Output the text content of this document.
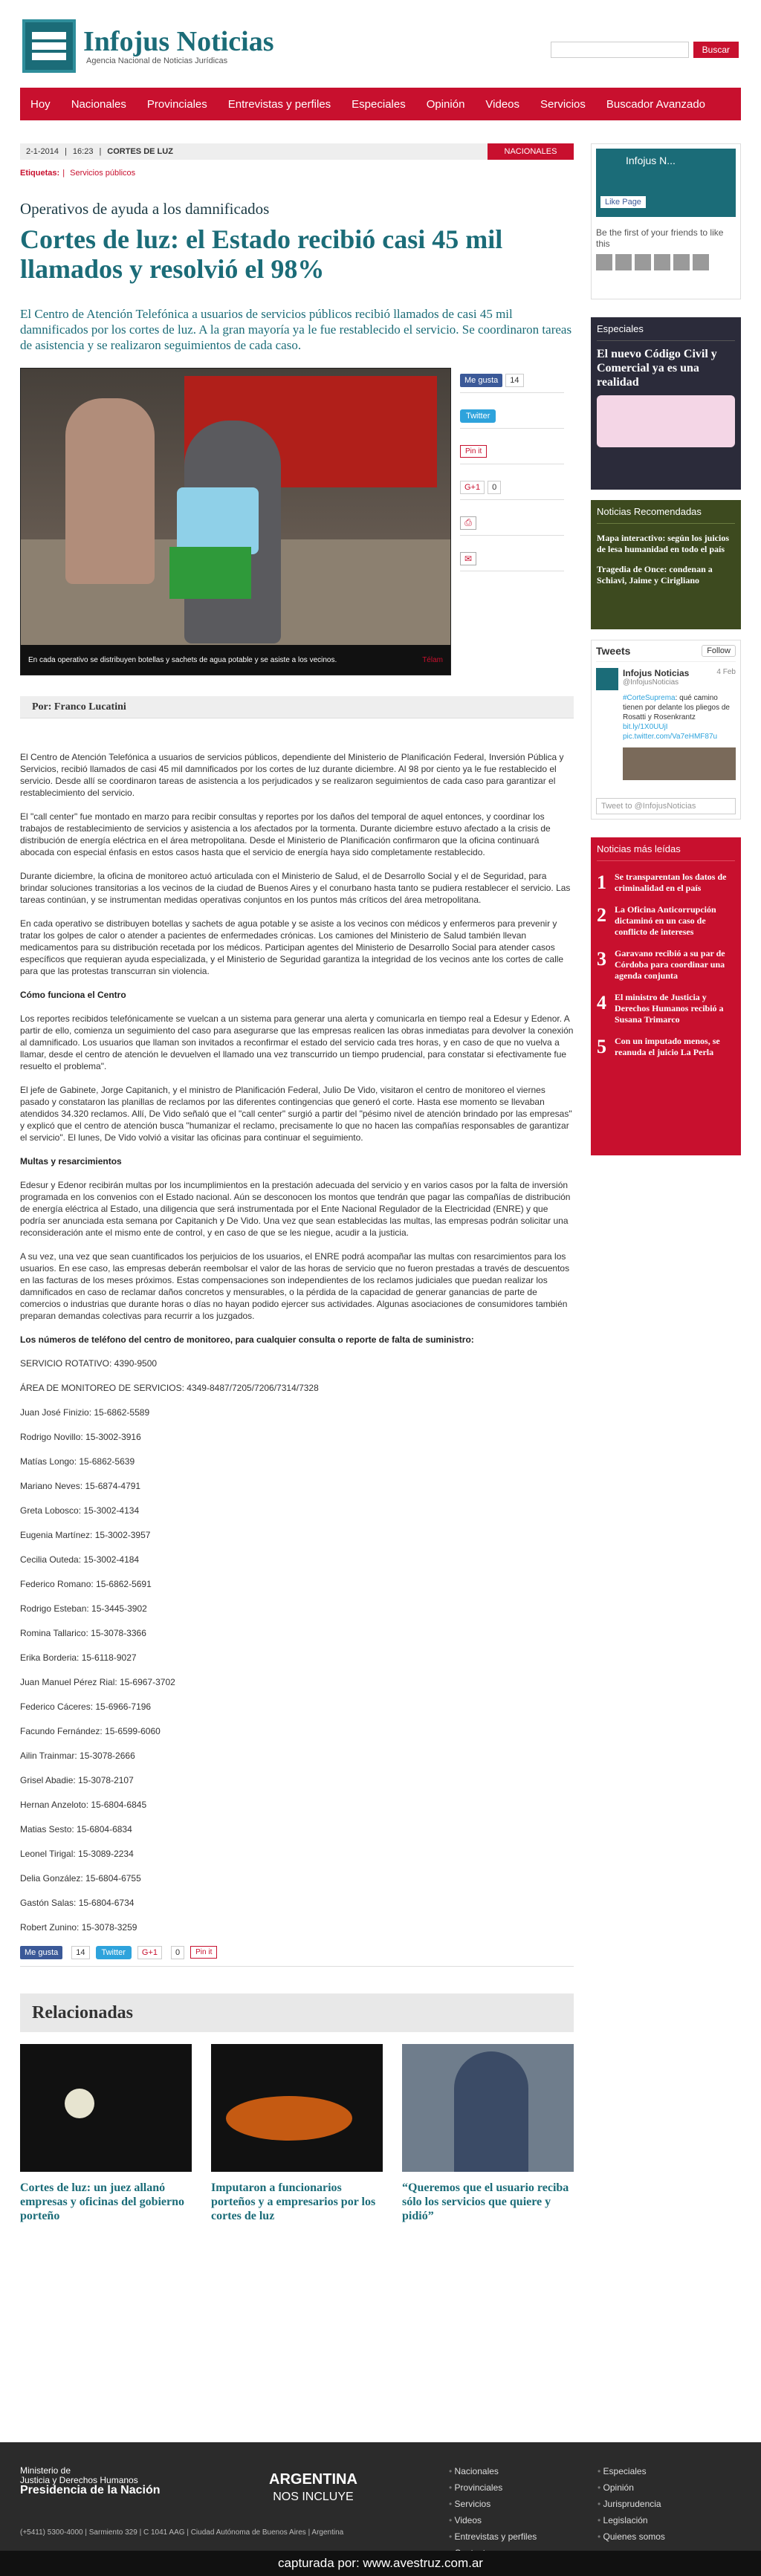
Infojus Noticias
Agencia Nacional de Noticias Jurídicas
Buscar
Hoy Nacionales Provinciales Entrevistas y perfiles Especiales Opinión Videos Servicios Buscador Avanzado
2-1-2014 | 16:23 | CORTES DE LUZ	NACIONALES
Etiquetas: | Servicios públicos
Operativos de ayuda a los damnificados
Cortes de luz: el Estado recibió casi 45 mil llamados y resolvió el 98%
El Centro de Atención Telefónica a usuarios de servicios públicos recibió llamados de casi 45 mil damnificados por los cortes de luz. A la gran mayoría ya le fue restablecido el servicio. Se coordinaron tareas de asistencia y se realizaron seguimientos de cada caso.
En cada operativo se distribuyen botellas y sachets de agua potable y se asiste a los vecinos.	Télam
Me gusta	14
Twitter
Pin it
G+1	0
⎙
✉
Por: Franco Lucatini

El Centro de Atención Telefónica a usuarios de servicios públicos, dependiente del Ministerio de Planificación Federal, Inversión Pública y Servicios, recibió llamados de casi 45 mil damnificados por los cortes de luz durante diciembre. Al 98 por ciento ya le fue restablecido el servicio. Desde allí se coordinaron tareas de asistencia a los perjudicados y se realizaron seguimientos de cada caso para garantizar el restablecimiento del servicio.

El "call center" fue montado en marzo para recibir consultas y reportes por los daños del temporal de aquel entonces, y coordinar los trabajos de restablecimiento de servicios y asistencia a los afectados por la tormenta. Durante diciembre estuvo afectado a la crisis de distribución de energía eléctrica en el área metropolitana. Desde el Ministerio de Planificación confirmaron que la oficina continuará abocada con especial énfasis en estos casos hasta que el servicio de energía haya sido completamente restablecido.

Durante diciembre, la oficina de monitoreo actuó articulada con el Ministerio de Salud, el de Desarrollo Social y el de Seguridad, para brindar soluciones transitorias a los vecinos de la ciudad de Buenos Aires y el conurbano hasta tanto se pudiera restablecer el servicio. Las tareas continúan, y se instrumentan medidas operativas conjuntos en los puntos más críticos del área metropolitana.

En cada operativo se distribuyen botellas y sachets de agua potable y se asiste a los vecinos con médicos y enfermeros para prevenir y tratar los golpes de calor o atender a pacientes de enfermedades crónicas. Los camiones del Ministerio de Salud también llevan medicamentos para su distribución recetada por los médicos. Participan agentes del Ministerio de Desarrollo Social para atender casos específicos que requieran ayuda especializada, y el Ministerio de Seguridad garantiza la integridad de los vecinos ante los cortes de calle para que las protestas transcurran sin violencia.

Cómo funciona el Centro

Los reportes recibidos telefónicamente se vuelcan a un sistema para generar una alerta y comunicarla en tiempo real a Edesur y Edenor. A partir de ello, comienza un seguimiento del caso para asegurarse que las empresas realicen las obras inmediatas para devolver la conexión al damnificado. Los usuarios que llaman son invitados a reconfirmar el estado del servicio cada tres horas, y en caso de que no vuelva a llamar, desde el centro de atención le devuelven el llamado una vez transcurrido un tiempo prudencial, para constatar si efectivamente fue resuelto el problema".

El jefe de Gabinete, Jorge Capitanich, y el ministro de Planificación Federal, Julio De Vido, visitaron el centro de monitoreo el viernes pasado y constataron las planillas de reclamos por las diferentes contingencias que generó el corte. Hasta ese momento se llevaban atendidos 34.320 reclamos. Allí, De Vido señaló que el "call center" surgió a partir del "pésimo nivel de atención brindado por las empresas" y explicó que el centro de atención busca "humanizar el reclamo, precisamente lo que no hacen las compañías responsables de garantizar el servicio". El lunes, De Vido volvió a visitar las oficinas para continuar el seguimiento.

Multas y resarcimientos

Edesur y Edenor recibirán multas por los incumplimientos en la prestación adecuada del servicio y en varios casos por la falta de inversión programada en los convenios con el Estado nacional. Aún se desconocen los montos que tendrán que pagar las compañías de distribución de energía eléctrica al Estado, una diligencia que será instrumentada por el Ente Nacional Regulador de la Electricidad (ENRE) y que podría ser anunciada esta semana por Capitanich y De Vido. Una vez que sean establecidas las multas, las empresas podrán solicitar una reconsideración ante el mismo ente de control, y en caso de que se les niegue, acudir a la justicia.

A su vez, una vez que sean cuantificados los perjuicios de los usuarios, el ENRE podrá acompañar las multas con resarcimientos para los usuarios. En ese caso, las empresas deberán reembolsar el valor de las horas de servicio que no fueron prestadas a través de descuentos en las facturas de los meses próximos. Estas compensaciones son independientes de los reclamos judiciales que puedan realizar los damnificados en caso de reclamar daños concretos y mensurables, o la pérdida de la capacidad de generar ganancias de parte de comercios o industrias que durante horas o días no hayan podido ejercer sus actividades. Algunas asociaciones de consumidores también preparan demandas colectivas para recurrir a los juzgados.

Los números de teléfono del centro de monitoreo, para cualquier consulta o reporte de falta de suministro:
SERVICIO ROTATIVO: 4390-9500
ÁREA DE MONITOREO DE SERVICIOS: 4349-8487/7205/7206/7314/7328
Juan José Finizio: 15-6862-5589
Rodrigo Novillo: 15-3002-3916
Matías Longo: 15-6862-5639
Mariano Neves: 15-6874-4791
Greta Lobosco: 15-3002-4134
Eugenia Martínez: 15-3002-3957
Cecilia Outeda: 15-3002-4184
Federico Romano: 15-6862-5691
Rodrigo Esteban: 15-3445-3902
Romina Tallarico: 15-3078-3366
Erika Borderia: 15-6118-9027
Juan Manuel Pérez Rial: 15-6967-3702
Federico Cáceres: 15-6966-7196
Facundo Fernández: 15-6599-6060
Ailin Trainmar: 15-3078-2666
Grisel Abadie: 15-3078-2107
Hernan Anzeloto: 15-6804-6845
Matias Sesto: 15-6804-6834
Leonel Tirigal: 15-3089-2234
Delia González: 15-6804-6755
Gastón Salas: 15-6804-6734
Robert Zunino: 15-3078-3259
Me gusta	14	Twitter	G+1	0	Pin it
Relacionadas
Cortes de luz: un juez allanó empresas y oficinas del gobierno porteño
Imputaron a funcionarios porteños y a empresarios por los cortes de luz
“Queremos que el usuario reciba sólo los servicios que quiere y pidió”
Infojus N...
Like Page
Be the first of your friends to like this
Especiales
El nuevo Código Civil y Comercial ya es una realidad
Noticias Recomendadas
Mapa interactivo: según los juicios de lesa humanidad en todo el país
Tragedia de Once: condenan a Schiavi, Jaime y Cirigliano
Tweets	Follow
Infojus Noticias
@InfojusNoticias
4 Feb
#CorteSuprema: qué camino tienen por delante los pliegos de Rosatti y Rosenkrantz bit.ly/1X0UUjI pic.twitter.com/Va7eHMF87u
Tweet to @InfojusNoticias
Noticias más leídas
1 Se transparentan los datos de criminalidad en el país
2 La Oficina Anticorrupción dictaminó en un caso de conflicto de intereses
3 Garavano recibió a su par de Córdoba para coordinar una agenda conjunta
4 El ministro de Justicia y Derechos Humanos recibió a Susana Trimarco
5 Con un imputado menos, se reanuda el juicio La Perla
Ministerio de
Justicia y Derechos Humanos
Presidencia de la Nación
ARGENTINA
NOS INCLUYE
• Nacionales
• Provinciales
• Servicios
• Videos
• Entrevistas y perfiles
•
• Especiales
• Opinión
• Jurisprudencia
• Legislación
• Quienes somos
(+5411) 5300-4000 | Sarmiento 329 | C 1041 AAG | Ciudad Autónoma de Buenos Aires | Argentina
capturada por: www.avestruz.com.ar
